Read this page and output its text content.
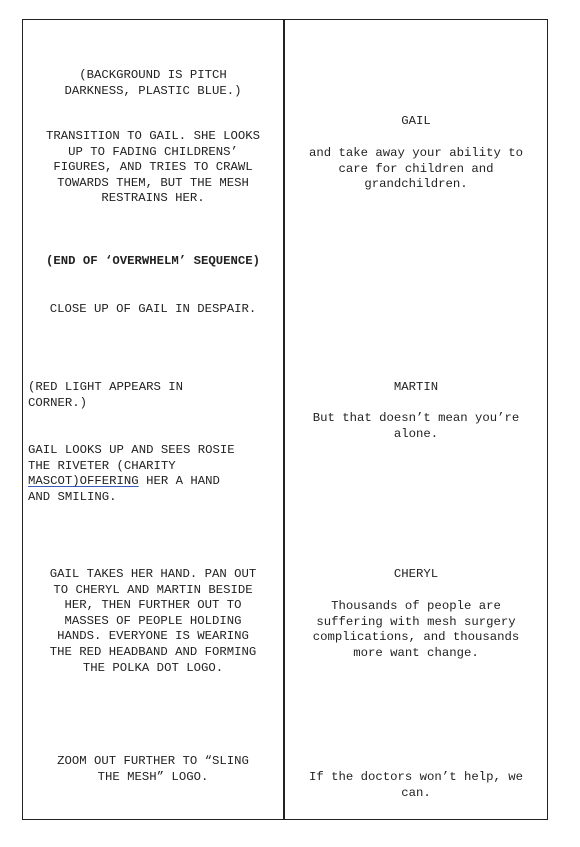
(BACKGROUND IS PITCH
DARKNESS, PLASTIC BLUE.)
TRANSITION TO GAIL. SHE LOOKS
UP TO FADING CHILDRENS’
FIGURES, AND TRIES TO CRAWL
TOWARDS THEM, BUT THE MESH
RESTRAINS HER.
(END OF ‘OVERWHELM’ SEQUENCE)
CLOSE UP OF GAIL IN DESPAIR.
(RED LIGHT APPEARS IN
CORNER.)
GAIL LOOKS UP AND SEES ROSIE
THE RIVETER (CHARITY
MASCOT)OFFERING HER A HAND
AND SMILING.
GAIL TAKES HER HAND. PAN OUT
TO CHERYL AND MARTIN BESIDE
HER, THEN FURTHER OUT TO
MASSES OF PEOPLE HOLDING
HANDS. EVERYONE IS WEARING
THE RED HEADBAND AND FORMING
THE POLKA DOT LOGO.
ZOOM OUT FURTHER TO “SLING
THE MESH” LOGO.
GAIL
and take away your ability to
care for children and
grandchildren.
MARTIN
But that doesn’t mean you’re
alone.
CHERYL
Thousands of people are
suffering with mesh surgery
complications, and thousands
more want change.
If the doctors won’t help, we
can.
